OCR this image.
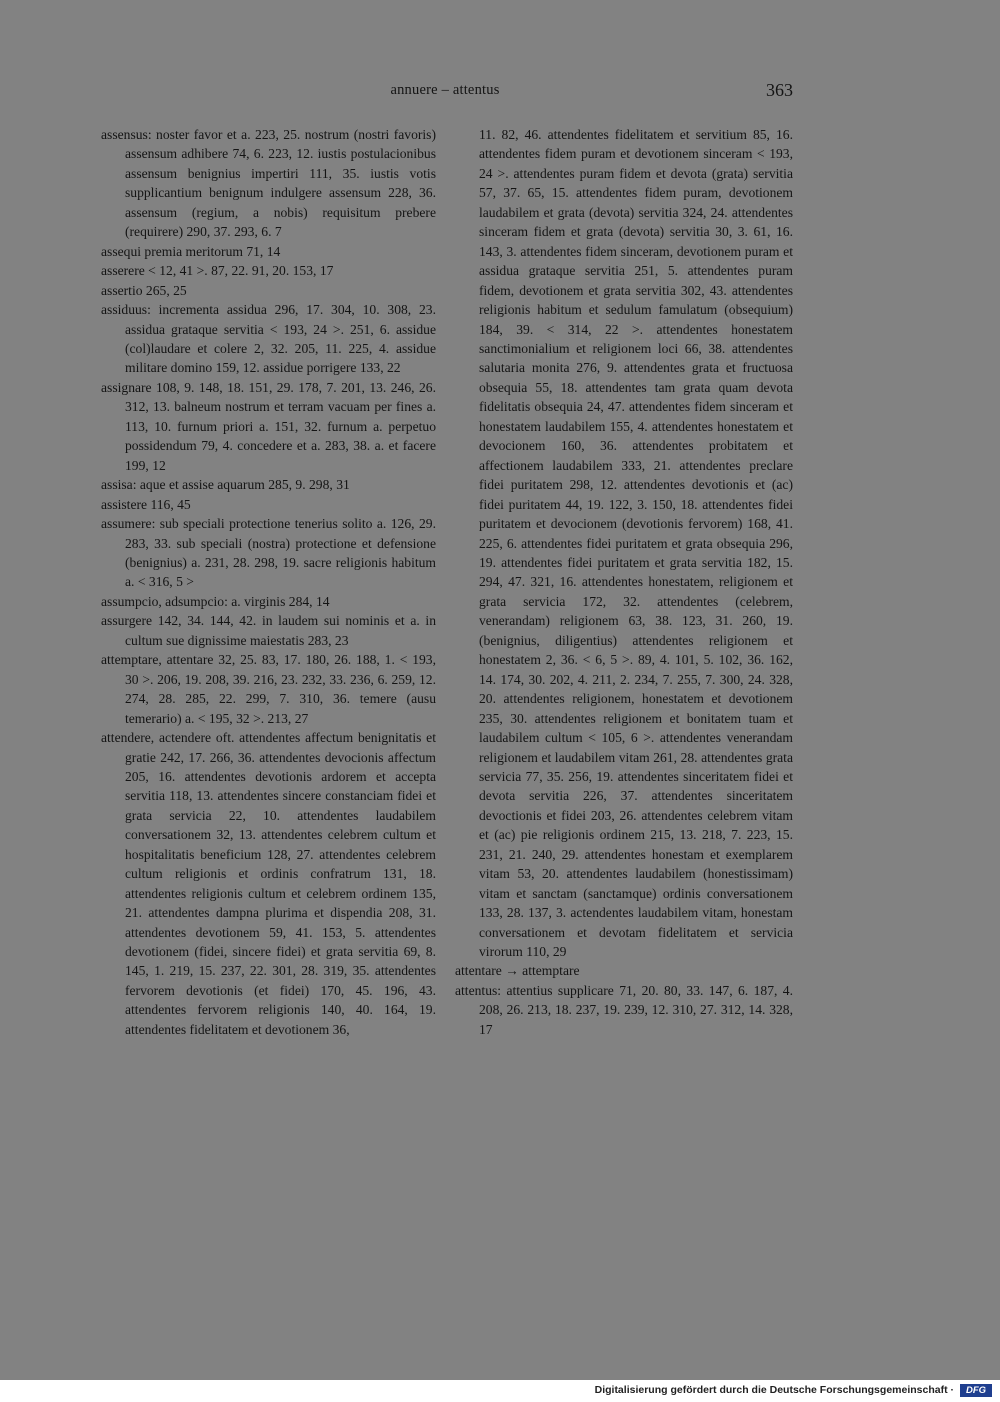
annuere – attentus	363
assensus: noster favor et a. 223, 25. nostrum (nostri favoris) assensum adhibere 74, 6. 223, 12. iustis postulacionibus assensum benignius impertiri 111, 35. iustis votis supplicantium benignum indulgere assensum 228, 36. assensum (regium, a nobis) requisitum prebere (requirere) 290, 37. 293, 6. 7
assequi premia meritorum 71, 14
asserere < 12, 41 >. 87, 22. 91, 20. 153, 17
assertio 265, 25
assiduus: incrementa assidua 296, 17. 304, 10. 308, 23. assidua grataque servitia < 193, 24 >. 251, 6. assidue (col)laudare et colere 2, 32. 205, 11. 225, 4. assidue militare domino 159, 12. assidue porrigere 133, 22
assignare 108, 9. 148, 18. 151, 29. 178, 7. 201, 13. 246, 26. 312, 13. balneum nostrum et terram vacuam per fines a. 113, 10. furnum priori a. 151, 32. furnum a. perpetuo possidendum 79, 4. concedere et a. 283, 38. a. et facere 199, 12
assisa: aque et assise aquarum 285, 9. 298, 31
assistere 116, 45
assumere: sub speciali protectione tenerius solito a. 126, 29. 283, 33. sub speciali (nostra) protectione et defensione (benignius) a. 231, 28. 298, 19. sacre religionis habitum a. < 316, 5 >
assumpcio, adsumpcio: a. virginis 284, 14
assurgere 142, 34. 144, 42. in laudem sui nominis et a. in cultum sue dignissime maiestatis 283, 23
attemptare, attentare 32, 25. 83, 17. 180, 26. 188, 1. < 193, 30 >. 206, 19. 208, 39. 216, 23. 232, 33. 236, 6. 259, 12. 274, 28. 285, 22. 299, 7. 310, 36. temere (ausu temerario) a. < 195, 32 >. 213, 27
attendere, actendere oft. attendentes affectum benignitatis et gratie 242, 17. 266, 36. attendentes devocionis affectum 205, 16. attendentes devotionis ardorem et accepta servitia 118, 13. attendentes sincere constanciam fidei et grata servicia 22, 10. attendentes laudabilem conversationem 32, 13. attendentes celebrem cultum et hospitalitatis beneficium 128, 27. attendentes celebrem cultum religionis et ordinis confratrum 131, 18. attendentes religionis cultum et celebrem ordinem 135, 21. attendentes dampna plurima et dispendia 208, 31. attendentes devotionem 59, 41. 153, 5. attendentes devotionem (fidei, sincere fidei) et grata servitia 69, 8. 145, 1. 219, 15. 237, 22. 301, 28. 319, 35. attendentes fervorem devotionis (et fidei) 170, 45. 196, 43. attendentes fervorem religionis 140, 40. 164, 19. attendentes fidelitatem et devotionem 36,
11. 82, 46. attendentes fidelitatem et servitium 85, 16. attendentes fidem puram et devotionem sinceram < 193, 24 >. attendentes puram fidem et devota (grata) servitia 57, 37. 65, 15. attendentes fidem puram, devotionem laudabilem et grata (devota) servitia 324, 24. attendentes sinceram fidem et grata (devota) servitia 30, 3. 61, 16. 143, 3. attendentes fidem sinceram, devotionem puram et assidua grataque servitia 251, 5. attendentes puram fidem, devotionem et grata servitia 302, 43. attendentes religionis habitum et sedulum famulatum (obsequium) 184, 39. < 314, 22 >. attendentes honestatem sanctimonialium et religionem loci 66, 38. attendentes salutaria monita 276, 9. attendentes grata et fructuosa obsequia 55, 18. attendentes tam grata quam devota fidelitatis obsequia 24, 47. attendentes fidem sinceram et honestatem laudabilem 155, 4. attendentes honestatem et devocionem 160, 36. attendentes probitatem et affectionem laudabilem 333, 21. attendentes preclare fidei puritatem 298, 12. attendentes devotionis et (ac) fidei puritatem 44, 19. 122, 3. 150, 18. attendentes fidei puritatem et devocionem (devotionis fervorem) 168, 41. 225, 6. attendentes fidei puritatem et grata obsequia 296, 19. attendentes fidei puritatem et grata servitia 182, 15. 294, 47. 321, 16. attendentes honestatem, religionem et grata servicia 172, 32. attendentes (celebrem, venerandam) religionem 63, 38. 123, 31. 260, 19. (benignius, diligentius) attendentes religionem et honestatem 2, 36. < 6, 5 >. 89, 4. 101, 5. 102, 36. 162, 14. 174, 30. 202, 4. 211, 2. 234, 7. 255, 7. 300, 24. 328, 20. attendentes religionem, honestatem et devotionem 235, 30. attendentes religionem et bonitatem tuam et laudabilem cultum < 105, 6 >. attendentes venerandam religionem et laudabilem vitam 261, 28. attendentes grata servicia 77, 35. 256, 19. attendentes sinceritatem fidei et devota servitia 226, 37. attendentes sinceritatem devoctionis et fidei 203, 26. attendentes celebrem vitam et (ac) pie religionis ordinem 215, 13. 218, 7. 223, 15. 231, 21. 240, 29. attendentes honestam et exemplarem vitam 53, 20. attendentes laudabilem (honestissimam) vitam et sanctam (sanctamque) ordinis conversationem 133, 28. 137, 3. actendentes laudabilem vitam, honestam conversationem et devotam fidelitatem et servicia virorum 110, 29
attentare → attemptare
attentus: attentius supplicare 71, 20. 80, 33. 147, 6. 187, 4. 208, 26. 213, 18. 237, 19. 239, 12. 310, 27. 312, 14. 328, 17
Digitalisierung gefördert durch die Deutsche Forschungsgemeinschaft ·	DFG
